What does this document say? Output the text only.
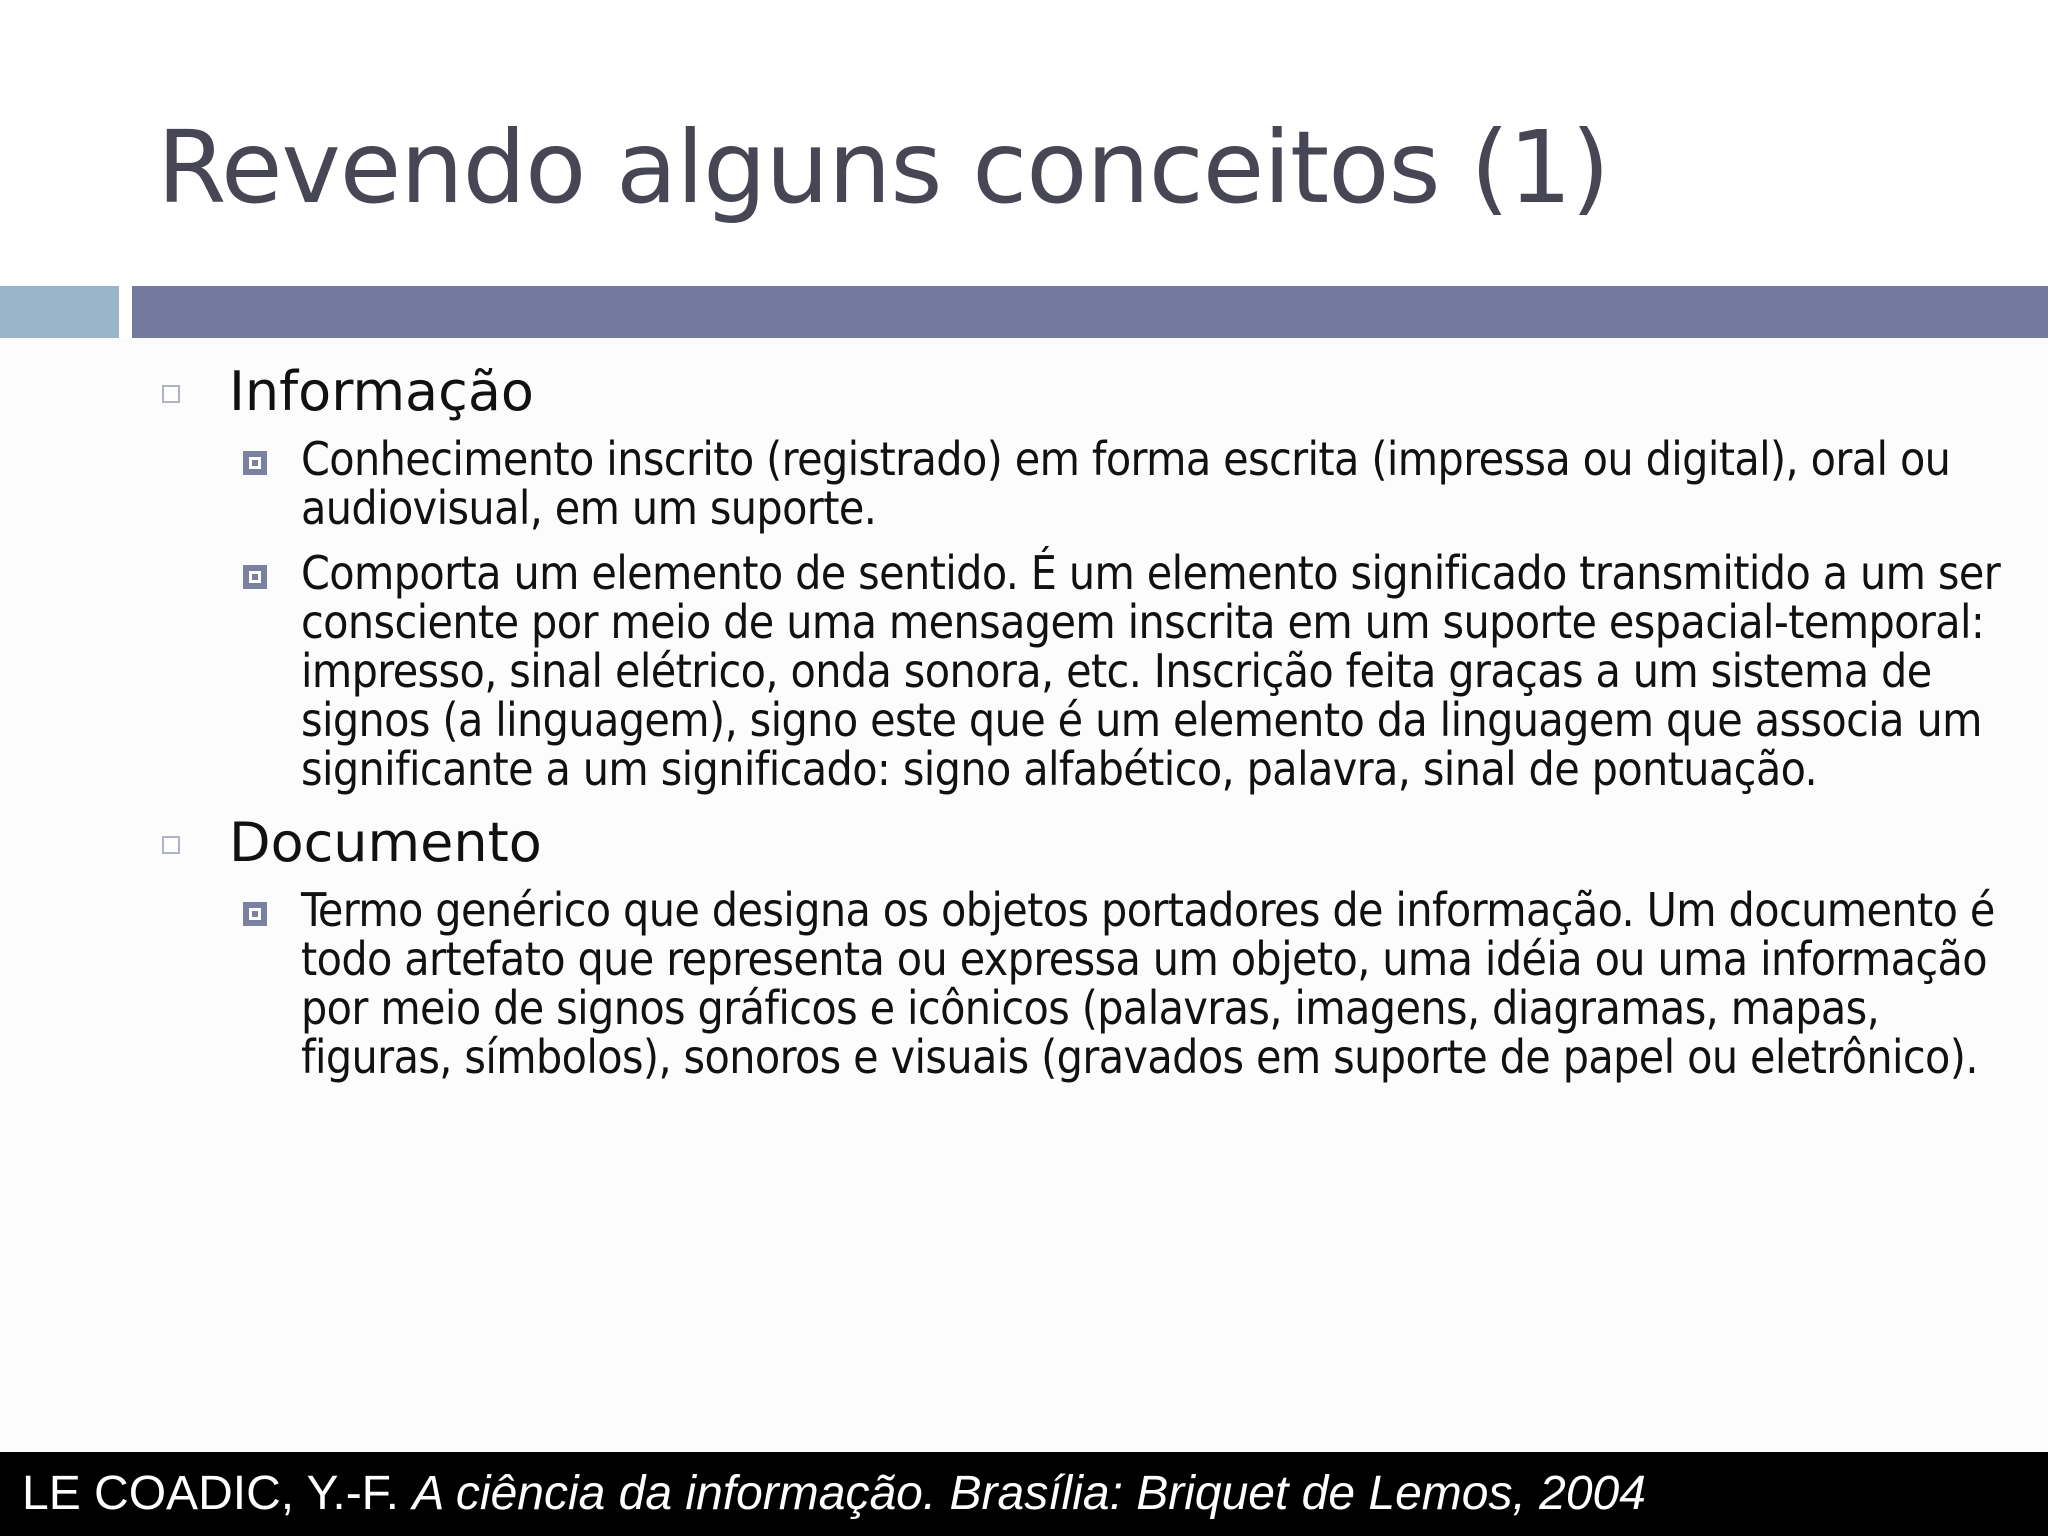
Revendo alguns conceitos (1)
Informação
Conhecimento inscrito (registrado) em forma escrita (impressa ou digital), oral ou audiovisual, em um suporte.
Comporta um elemento de sentido. É um elemento significado transmitido a um ser consciente por meio de uma mensagem inscrita em um suporte espacial-temporal: impresso, sinal elétrico, onda sonora, etc. Inscrição feita graças a um sistema de signos (a linguagem), signo este que é um elemento da linguagem que associa um significante a um significado: signo alfabético, palavra, sinal de pontuação.
Documento
Termo genérico que designa os objetos portadores de informação. Um documento é todo artefato que representa ou expressa um objeto, uma idéia ou uma informação por meio de signos gráficos e icônicos (palavras, imagens, diagramas, mapas, figuras, símbolos), sonoros e visuais (gravados em suporte de papel ou eletrônico).
LE COADIC, Y.-F. A ciência da informação. Brasília: Briquet de Lemos, 2004
